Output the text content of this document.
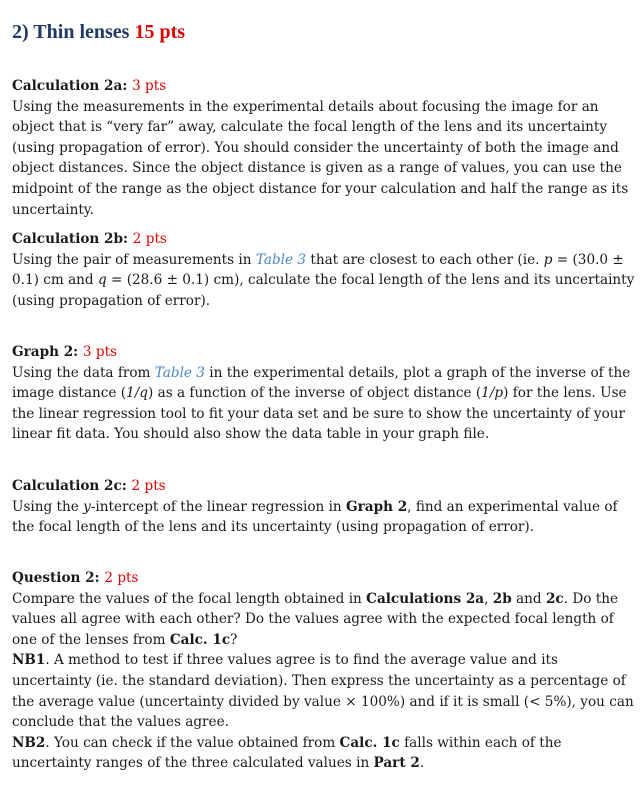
2) Thin lenses 15 pts
Calculation 2a: 3 pts

Using the measurements in the experimental details about focusing the image for an object that is “very far” away, calculate the focal length of the lens and its uncertainty (using propagation of error). You should consider the uncertainty of both the image and object distances. Since the object distance is given as a range of values, you can use the midpoint of the range as the object distance for your calculation and half the range as its uncertainty.

Calculation 2b: 2 pts

Using the pair of measurements in Table 3 that are closest to each other (ie. p = (30.0 ± 0.1) cm and q = (28.6 ± 0.1) cm), calculate the focal length of the lens and its uncertainty (using propagation of error).

Graph 2: 3 pts

Using the data from Table 3 in the experimental details, plot a graph of the inverse of the image distance (1/q) as a function of the inverse of object distance (1/p) for the lens. Use the linear regression tool to fit your data set and be sure to show the uncertainty of your linear fit data. You should also show the data table in your graph file.

Calculation 2c: 2 pts

Using the y-intercept of the linear regression in Graph 2, find an experimental value of the focal length of the lens and its uncertainty (using propagation of error).

Question 2: 2 pts

Compare the values of the focal length obtained in Calculations 2a, 2b and 2c. Do the values all agree with each other? Do the values agree with the expected focal length of one of the lenses from Calc. 1c?

NB1. A method to test if three values agree is to find the average value and its uncertainty (ie. the standard deviation). Then express the uncertainty as a percentage of the average value (uncertainty divided by value × 100%) and if it is small (< 5%), you can conclude that the values agree.

NB2. You can check if the value obtained from Calc. 1c falls within each of the uncertainty ranges of the three calculated values in Part 2.
